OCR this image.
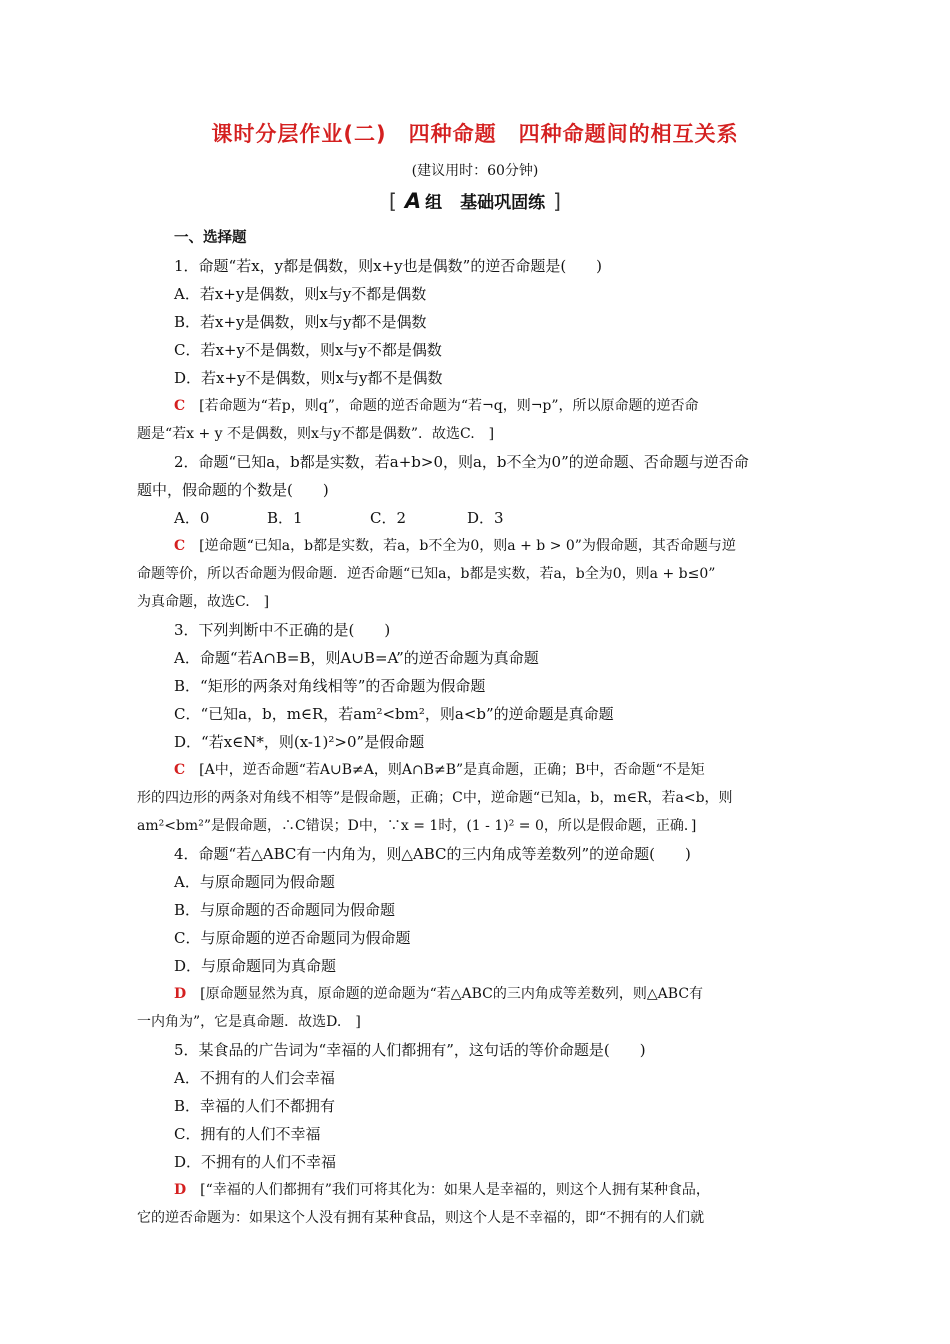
课时分层作业(二)　四种命题　四种命题间的相互关系
(建议用时：60分钟)
[ A 组 基础巩固练 ]
一、选择题
1．命题“若x，y都是偶数，则x+y也是偶数”的逆否命题是(　　)
A．若x+y是偶数，则x与y不都是偶数
B．若x+y是偶数，则x与y都不是偶数
C．若x+y不是偶数，则x与y不都是偶数
D．若x+y不是偶数，则x与y都不是偶数
C [若命题为“若p，则q”，命题的逆否命题为“若¬q，则¬p”，所以原命题的逆否命
题是“若x + y 不是偶数，则x与y不都是偶数”．故选C.　]
2．命题“已知a，b都是实数，若a+b>0，则a，b不全为0”的逆命题、否命题与逆否命
题中，假命题的个数是(　　)
A．0	B．1	C．2	D．3
C [逆命题“已知a，b都是实数，若a，b不全为0，则a + b > 0”为假命题，其否命题与逆
命题等价，所以否命题为假命题．逆否命题“已知a，b都是实数，若a，b全为0，则a + b≤0”
为真命题，故选C.　]
3．下列判断中不正确的是(　　)
A．命题“若A∩B=B，则A∪B=A”的逆否命题为真命题
B．“矩形的两条对角线相等”的否命题为假命题
C．“已知a，b，m∈R，若am²<bm²，则a<b”的逆命题是真命题
D．“若x∈N*，则(x-1)²>0”是假命题
C [A中，逆否命题“若A∪B≠A，则A∩B≠B”是真命题，正确；B中，否命题“不是矩
形的四边形的两条对角线不相等”是假命题，正确；C中，逆命题“已知a，b，m∈R，若a<b，则
am²<bm²”是假命题，∴C错误；D中，∵x = 1时，(1 - 1)² = 0，所以是假命题，正确．]
4．命题“若△ABC有一内角为，则△ABC的三内角成等差数列”的逆命题(　　)
A．与原命题同为假命题
B．与原命题的否命题同为假命题
C．与原命题的逆否命题同为假命题
D．与原命题同为真命题
D [原命题显然为真，原命题的逆命题为“若△ABC的三内角成等差数列，则△ABC有
一内角为”，它是真命题．故选D.　]
5．某食品的广告词为“幸福的人们都拥有”，这句话的等价命题是(　　)
A．不拥有的人们会幸福
B．幸福的人们不都拥有
C．拥有的人们不幸福
D．不拥有的人们不幸福
D [“幸福的人们都拥有”我们可将其化为：如果人是幸福的，则这个人拥有某种食品，
它的逆否命题为：如果这个人没有拥有某种食品，则这个人是不幸福的，即“不拥有的人们就
